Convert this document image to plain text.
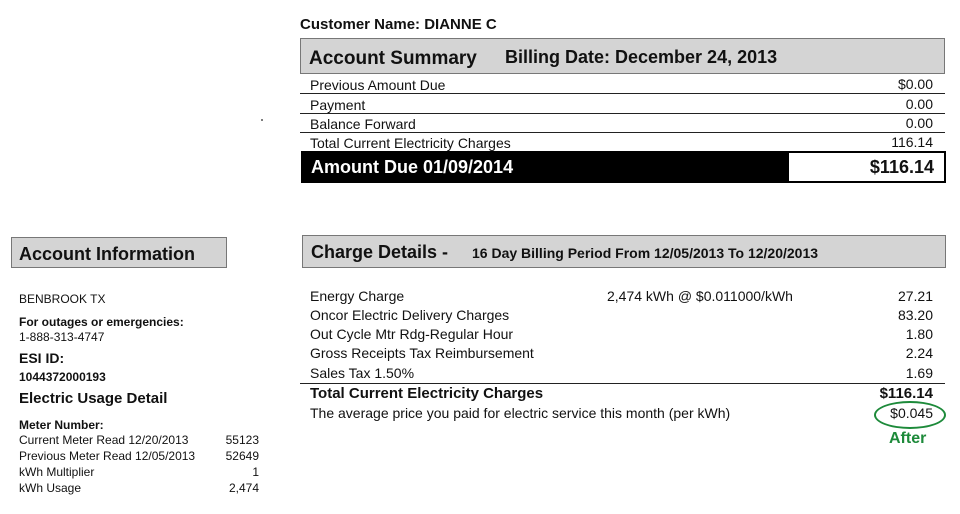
Customer Name: DIANNE C
Account Summary Billing Date: December 24, 2013
Previous Amount Due	$0.00
Payment	0.00
Balance Forward	0.00
Total Current Electricity Charges	116.14
Amount Due 01/09/2014	$116.14
Account Information
BENBROOK TX
For outages or emergencies:
1-888-313-4747
ESI ID:
1044372000193
Electric Usage Detail
Meter Number:
Current Meter Read 12/20/2013	55123
Previous Meter Read 12/05/2013	52649
kWh Multiplier	1
kWh Usage	2,474
Charge Details - 16 Day Billing Period From 12/05/2013 To 12/20/2013
Energy Charge	2,474 kWh @ $0.011000/kWh	27.21
Oncor Electric Delivery Charges	83.20
Out Cycle Mtr Rdg-Regular Hour	1.80
Gross Receipts Tax Reimbursement	2.24
Sales Tax 1.50%	1.69
Total Current Electricity Charges	$116.14
The average price you paid for electric service this month (per kWh)	$0.045
After
